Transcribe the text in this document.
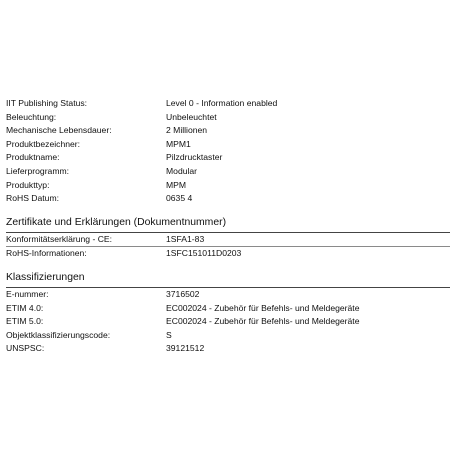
IIT Publishing Status:	Level 0 - Information enabled
Beleuchtung:	Unbeleuchtet
Mechanische Lebensdauer:	2 Millionen
Produktbezeichner:	MPM1
Produktname:	Pilzdrucktaster
Lieferprogramm:	Modular
Produkttyp:	MPM
RoHS Datum:	0635 4
Zertifikate und Erklärungen (Dokumentnummer)
Konformitätserklärung - CE:	1SFA1-83
RoHS-Informationen:	1SFC151011D0203
Klassifizierungen
E-nummer:	3716502
ETIM 4.0:	EC002024 - Zubehör für Befehls- und Meldegeräte
ETIM 5.0:	EC002024 - Zubehör für Befehls- und Meldegeräte
Objektklassifizierungscode:	S
UNSPSC:	39121512
